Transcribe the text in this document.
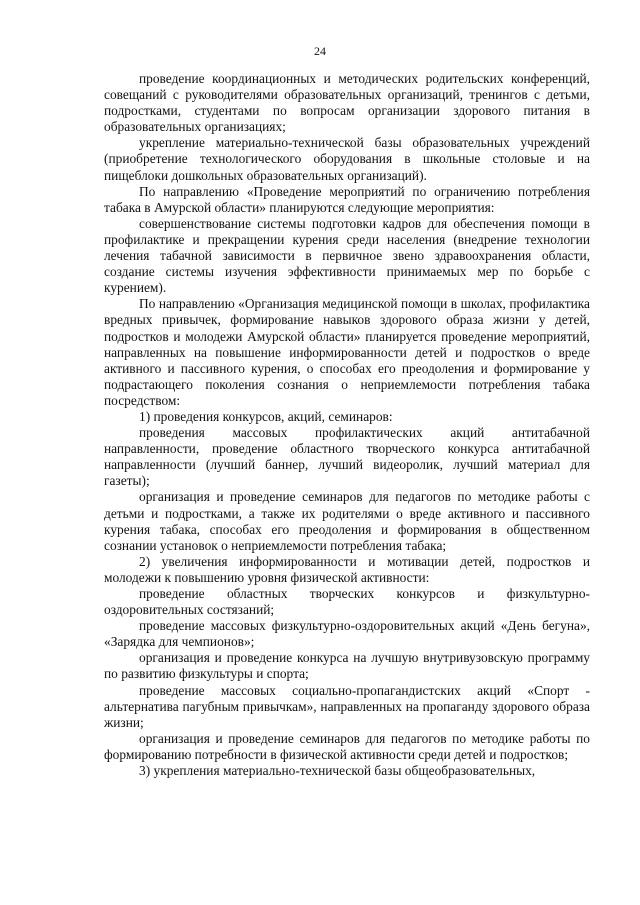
24

проведение координационных и методических родительских конференций, совещаний с руководителями образовательных организаций, тренингов с детьми, подростками, студентами по вопросам организации здорового питания в образовательных организациях;

укрепление материально-технической базы образовательных учреждений (приобретение технологического оборудования в школьные столовые и на пищеблоки дошкольных образовательных организаций).

По направлению «Проведение мероприятий по ограничению потребления табака в Амурской области» планируются следующие мероприятия:

совершенствование системы подготовки кадров для обеспечения помощи в профилактике и прекращении курения среди населения (внедрение технологии лечения табачной зависимости в первичное звено здравоохранения области, создание системы изучения эффективности принимаемых мер по борьбе с курением).

По направлению «Организация медицинской помощи в школах, профилактика вредных привычек, формирование навыков здорового образа жизни у детей, подростков и молодежи Амурской области» планируется проведение мероприятий, направленных на повышение информированности детей и подростков о вреде активного и пассивного курения, о способах его преодоления и формирование у подрастающего поколения сознания о неприемлемости потребления табака посредством:

1) проведения конкурсов, акций, семинаров:

проведения массовых профилактических акций антитабачной направленности, проведение областного творческого конкурса антитабачной направленности (лучший баннер, лучший видеоролик, лучший материал для газеты);

организация и проведение семинаров для педагогов по методике работы с детьми и подростками, а также их родителями о вреде активного и пассивного курения табака, способах его преодоления и формирования в общественном сознании установок о неприемлемости потребления табака;

2) увеличения информированности и мотивации детей, подростков и молодежи к повышению уровня физической активности:

проведение областных творческих конкурсов и физкультурно-оздоровительных состязаний;

проведение массовых физкультурно-оздоровительных акций «День бегуна», «Зарядка для чемпионов»;

организация и проведение конкурса на лучшую внутривузовскую программу по развитию физкультуры и спорта;

проведение массовых социально-пропагандистских акций «Спорт - альтернатива пагубным привычкам», направленных на пропаганду здорового образа жизни;

организация и проведение семинаров для педагогов по методике работы по формированию потребности в физической активности среди детей и подростков;

3) укрепления материально-технической базы общеобразовательных,
